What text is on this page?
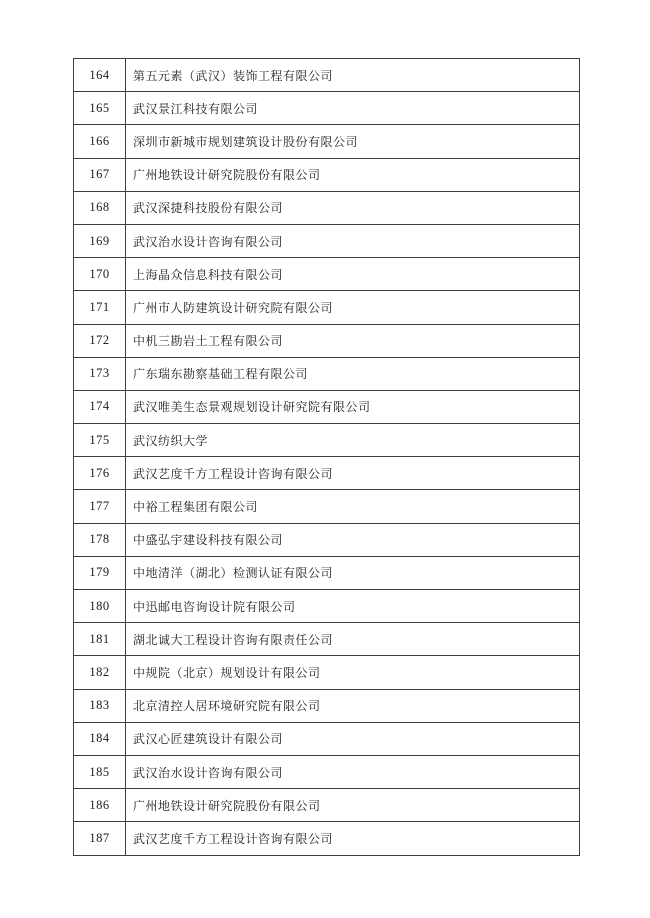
164	第五元素（武汉）装饰工程有限公司
165	武汉景江科技有限公司
166	深圳市新城市规划建筑设计股份有限公司
167	广州地铁设计研究院股份有限公司
168	武汉深捷科技股份有限公司
169	武汉治水设计咨询有限公司
170	上海晶众信息科技有限公司
171	广州市人防建筑设计研究院有限公司
172	中机三勘岩土工程有限公司
173	广东瑞东勘察基础工程有限公司
174	武汉唯美生态景观规划设计研究院有限公司
175	武汉纺织大学
176	武汉艺度千方工程设计咨询有限公司
177	中裕工程集团有限公司
178	中盛弘宇建设科技有限公司
179	中地清洋（湖北）检测认证有限公司
180	中迅邮电咨询设计院有限公司
181	湖北诚大工程设计咨询有限责任公司
182	中规院（北京）规划设计有限公司
183	北京清控人居环境研究院有限公司
184	武汉心匠建筑设计有限公司
185	武汉治水设计咨询有限公司
186	广州地铁设计研究院股份有限公司
187	武汉艺度千方工程设计咨询有限公司
